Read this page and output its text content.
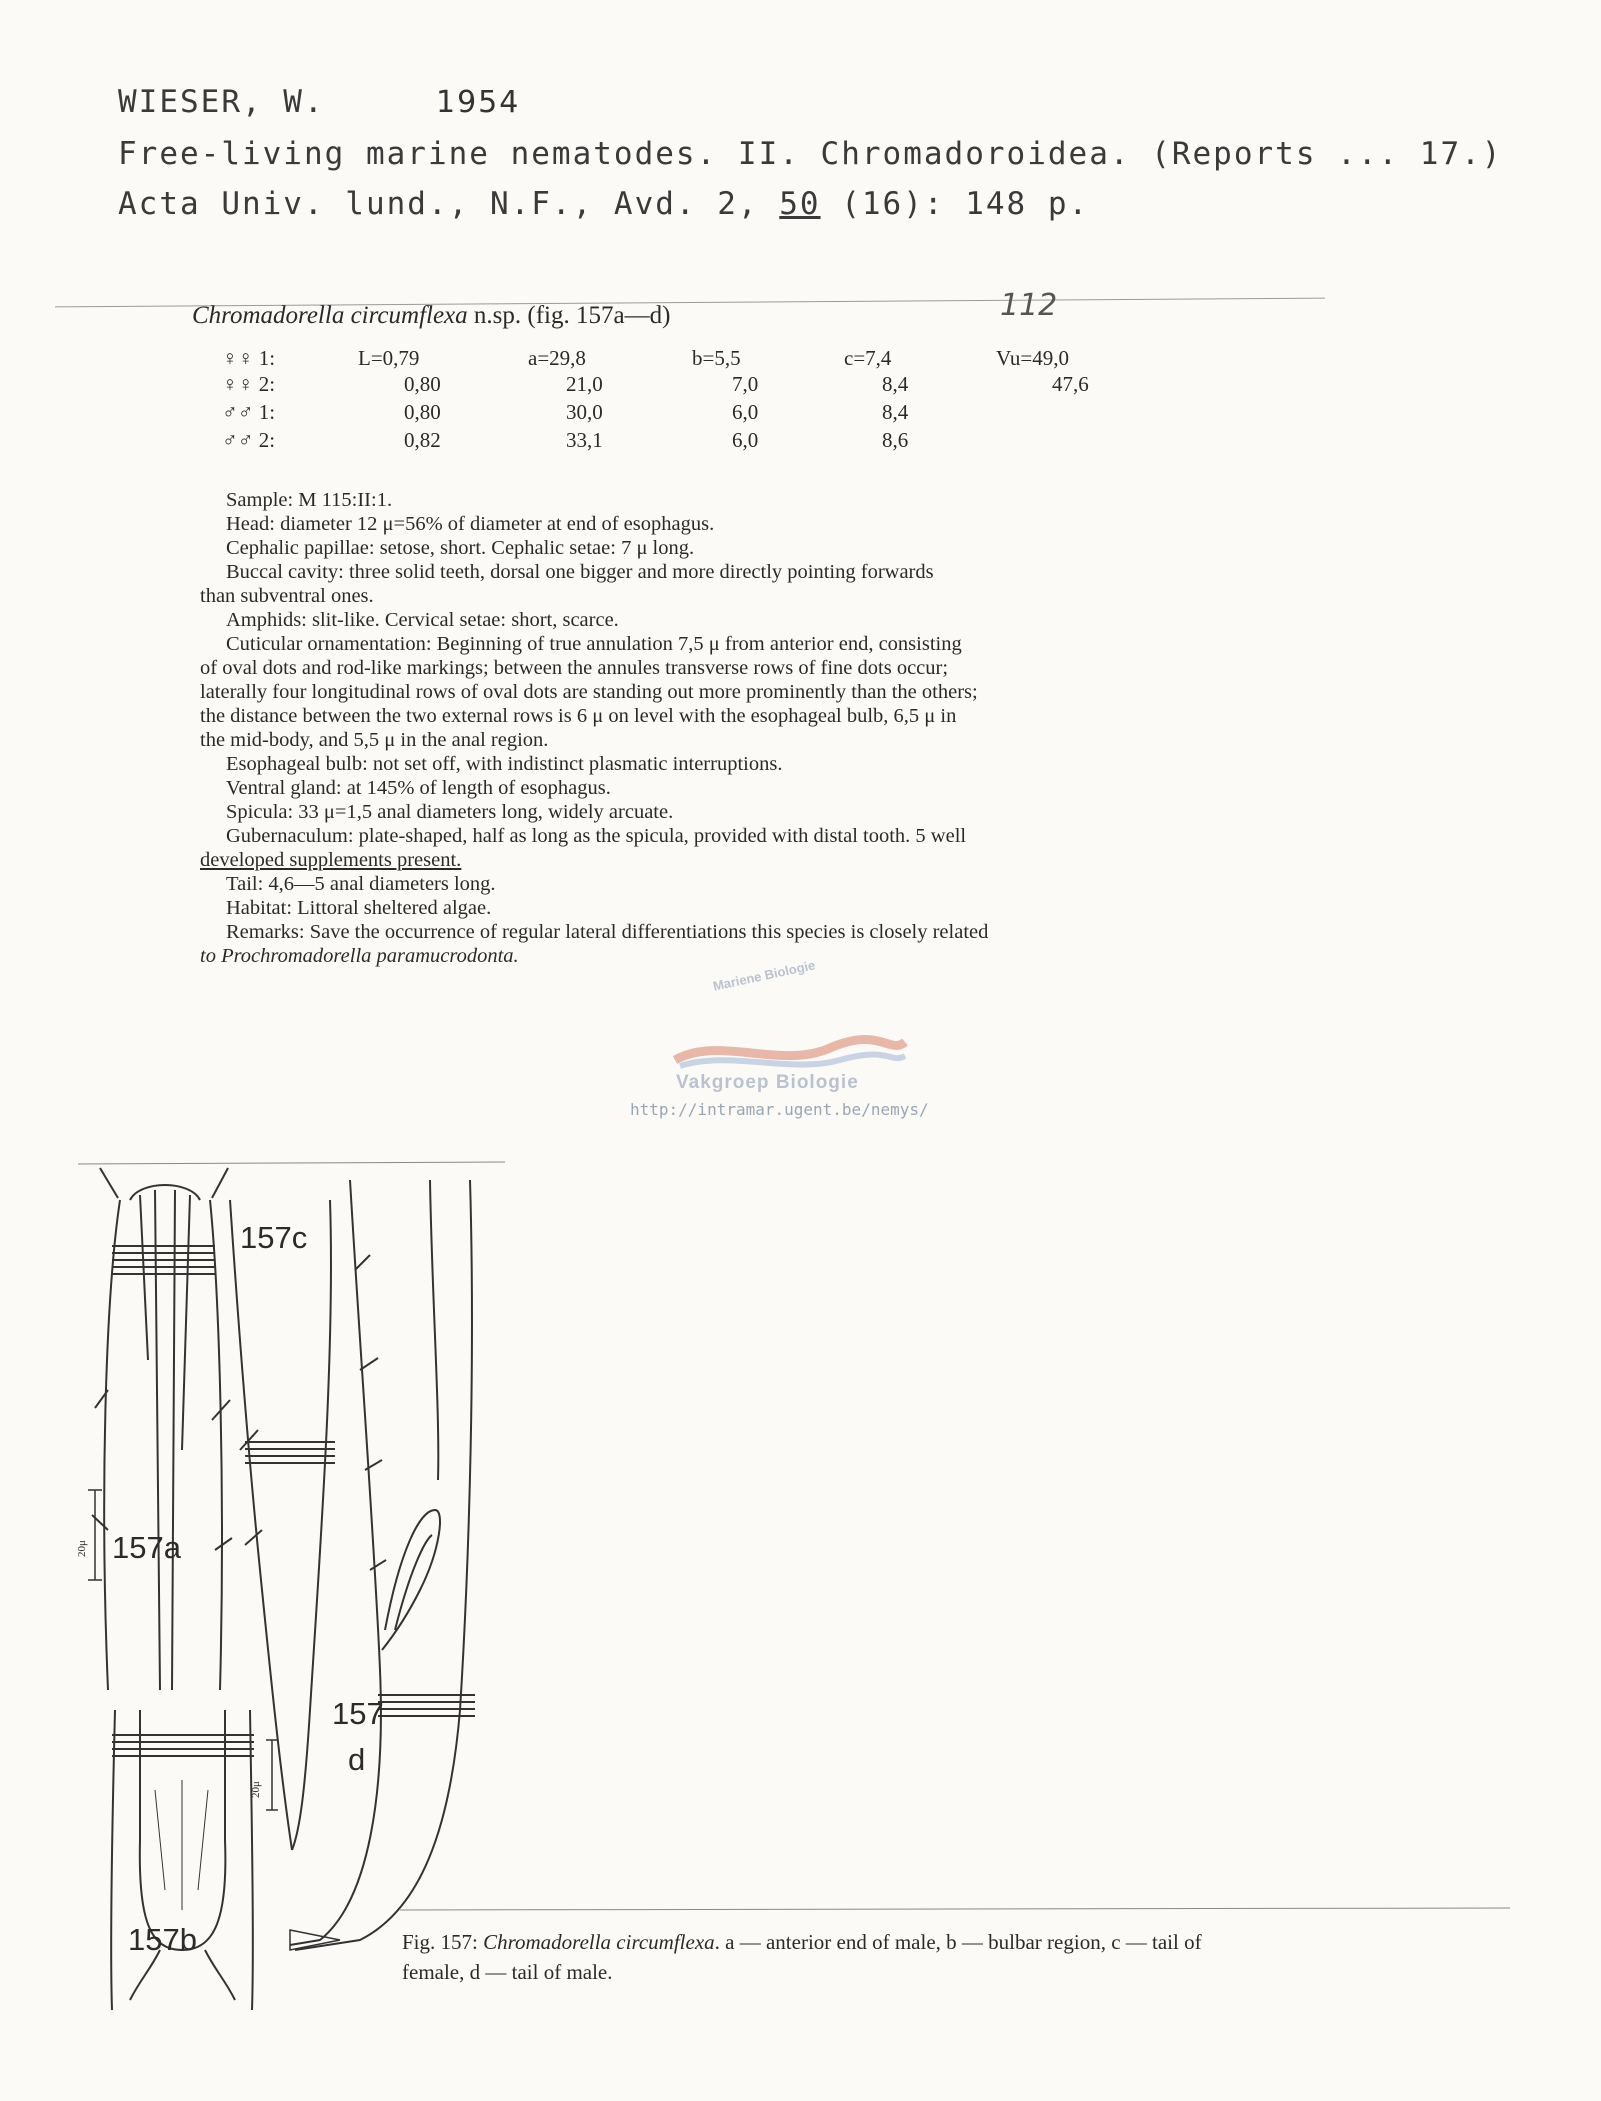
WIESER, W.	1954
Free-living marine nematodes. II. Chromadoroidea. (Reports ... 17.)
Acta Univ. lund., N.F., Avd. 2, 50 (16): 148 p.
112
Chromadorella circumflexa n.sp. (fig. 157a—d)
♀♀ 1:	L=0,79	a=29,8	b=5,5	c=7,4	Vu=49,0
♀♀ 2:	0,80	21,0	7,0	8,4	47,6
♂♂ 1:	0,80	30,0	6,0	8,4
♂♂ 2:	0,82	33,1	6,0	8,6
Sample: M 115:II:1.
Head: diameter 12 μ=56% of diameter at end of esophagus.
Cephalic papillae: setose, short. Cephalic setae: 7 μ long.
Buccal cavity: three solid teeth, dorsal one bigger and more directly pointing forwards
than subventral ones.
Amphids: slit-like. Cervical setae: short, scarce.
Cuticular ornamentation: Beginning of true annulation 7,5 μ from anterior end, consisting
of oval dots and rod-like markings; between the annules transverse rows of fine dots occur;
laterally four longitudinal rows of oval dots are standing out more prominently than the others;
the distance between the two external rows is 6 μ on level with the esophageal bulb, 6,5 μ in
the mid-body, and 5,5 μ in the anal region.
Esophageal bulb: not set off, with indistinct plasmatic interruptions.
Ventral gland: at 145% of length of esophagus.
Spicula: 33 μ=1,5 anal diameters long, widely arcuate.
Gubernaculum: plate-shaped, half as long as the spicula, provided with distal tooth. 5 well
developed supplements present.
Tail: 4,6—5 anal diameters long.
Habitat: Littoral sheltered algae.
Remarks: Save the occurrence of regular lateral differentiations this species is closely related
to Prochromadorella paramucrodonta.
Mariene Biologie
Vakgroep Biologie
http://intramar.ugent.be/nemys/
157c
157a
157
d
157b
20μ
20μ
Fig. 157: Chromadorella circumflexa. a — anterior end of male, b — bulbar region, c — tail of
female, d — tail of male.
